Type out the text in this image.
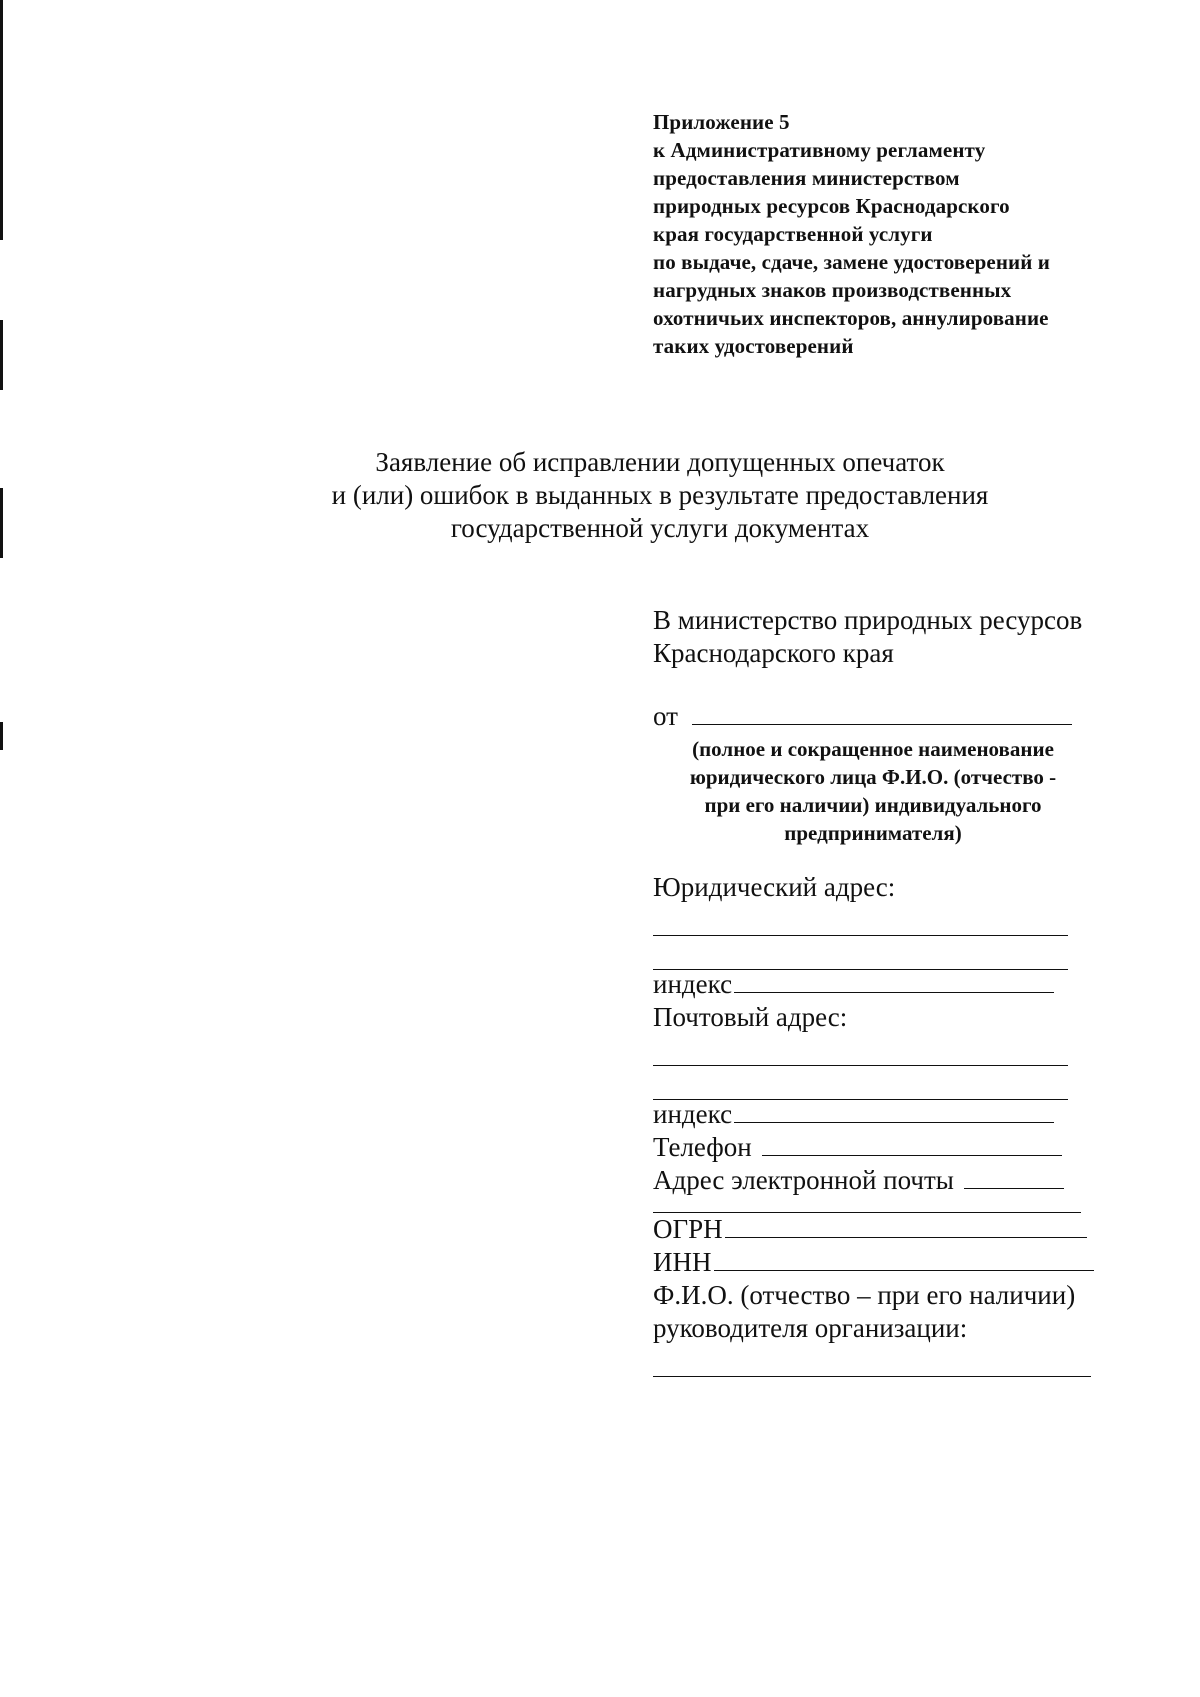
Приложение 5
к Административному регламенту
предоставления министерством
природных ресурсов Краснодарского
края государственной услуги
по выдаче, сдаче, замене удостоверений и
нагрудных знаков производственных
охотничьих инспекторов, аннулирование
таких удостоверений
Заявление об исправлении допущенных опечаток
и (или) ошибок в выданных в результате предоставления
государственной услуги документах
В министерство природных ресурсов
Краснодарского края
от
(полное и сокращенное наименование
юридического лица Ф.И.О. (отчество -
при его наличии) индивидуального
предпринимателя)
Юридический адрес:
индекс
Почтовый адрес:
индекс
Телефон
Адрес электронной почты
ОГРН
ИНН
Ф.И.О. (отчество – при его наличии)
руководителя организации:
